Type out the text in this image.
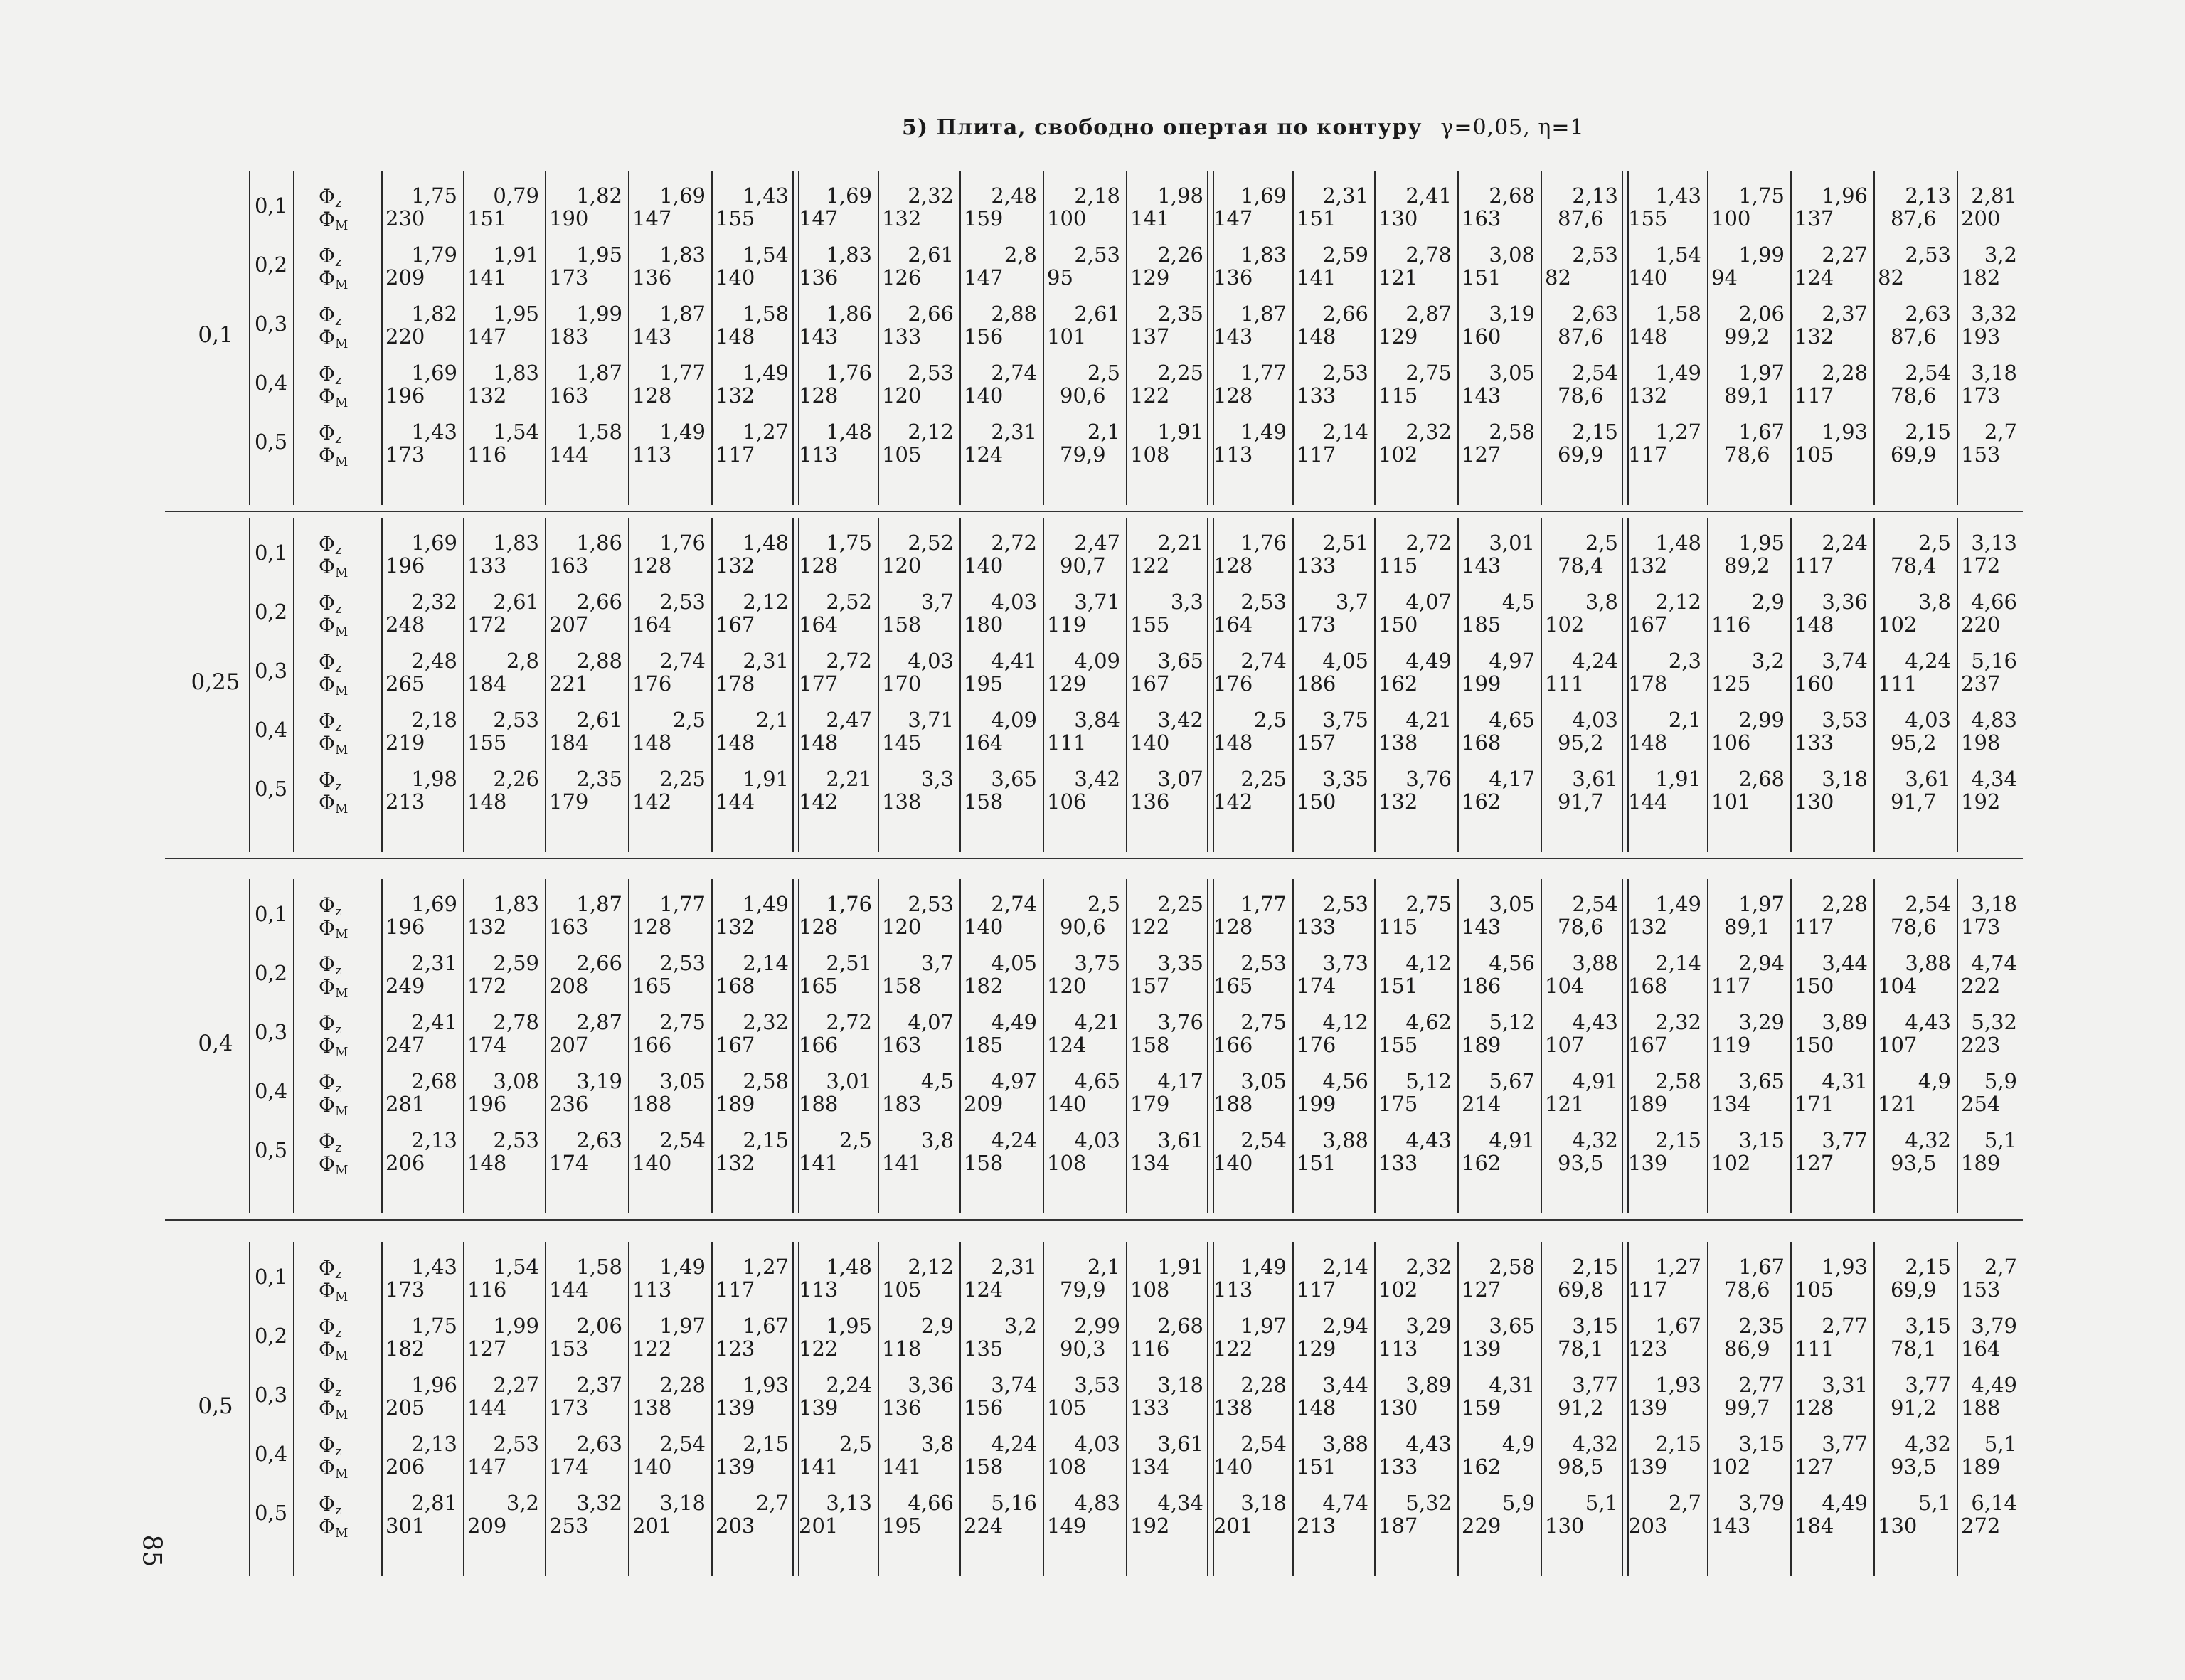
5) Плита, свободно опертая по контуру γ=0,05, η=1
0,1
0,1 $\Phi_z$
$\Phi_M$
1,75
230
0,79
151
1,82
190
1,69
147
1,43
155
1,69
147
2,32
132
2,48
159
2,18
100
1,98
141
1,69
147
2,31
151
2,41
130
2,68
163
2,13
87,6
1,43
155
1,75
100
1,96
137
2,13
87,6
2,81
200
0,2 $\Phi_z$
$\Phi_M$
1,79
209
1,91
141
1,95
173
1,83
136
1,54
140
1,83
136
2,61
126
2,8
147
2,53
95
2,26
129
1,83
136
2,59
141
2,78
121
3,08
151
2,53
82
1,54
140
1,99
94
2,27
124
2,53
82
3,2
182
0,3 $\Phi_z$
$\Phi_M$
1,82
220
1,95
147
1,99
183
1,87
143
1,58
148
1,86
143
2,66
133
2,88
156
2,61
101
2,35
137
1,87
143
2,66
148
2,87
129
3,19
160
2,63
87,6
1,58
148
2,06
99,2
2,37
132
2,63
87,6
3,32
193
0,4 $\Phi_z$
$\Phi_M$
1,69
196
1,83
132
1,87
163
1,77
128
1,49
132
1,76
128
2,53
120
2,74
140
2,5
90,6
2,25
122
1,77
128
2,53
133
2,75
115
3,05
143
2,54
78,6
1,49
132
1,97
89,1
2,28
117
2,54
78,6
3,18
173
0,5 $\Phi_z$
$\Phi_M$
1,43
173
1,54
116
1,58
144
1,49
113
1,27
117
1,48
113
2,12
105
2,31
124
2,1
79,9
1,91
108
1,49
113
2,14
117
2,32
102
2,58
127
2,15
69,9
1,27
117
1,67
78,6
1,93
105
2,15
69,9
2,7
153
0,25
0,1 $\Phi_z$
$\Phi_M$
1,69
196
1,83
133
1,86
163
1,76
128
1,48
132
1,75
128
2,52
120
2,72
140
2,47
90,7
2,21
122
1,76
128
2,51
133
2,72
115
3,01
143
2,5
78,4
1,48
132
1,95
89,2
2,24
117
2,5
78,4
3,13
172
0,2 $\Phi_z$
$\Phi_M$
2,32
248
2,61
172
2,66
207
2,53
164
2,12
167
2,52
164
3,7
158
4,03
180
3,71
119
3,3
155
2,53
164
3,7
173
4,07
150
4,5
185
3,8
102
2,12
167
2,9
116
3,36
148
3,8
102
4,66
220
0,3 $\Phi_z$
$\Phi_M$
2,48
265
2,8
184
2,88
221
2,74
176
2,31
178
2,72
177
4,03
170
4,41
195
4,09
129
3,65
167
2,74
176
4,05
186
4,49
162
4,97
199
4,24
111
2,3
178
3,2
125
3,74
160
4,24
111
5,16
237
0,4 $\Phi_z$
$\Phi_M$
2,18
219
2,53
155
2,61
184
2,5
148
2,1
148
2,47
148
3,71
145
4,09
164
3,84
111
3,42
140
2,5
148
3,75
157
4,21
138
4,65
168
4,03
95,2
2,1
148
2,99
106
3,53
133
4,03
95,2
4,83
198
0,5 $\Phi_z$
$\Phi_M$
1,98
213
2,26
148
2,35
179
2,25
142
1,91
144
2,21
142
3,3
138
3,65
158
3,42
106
3,07
136
2,25
142
3,35
150
3,76
132
4,17
162
3,61
91,7
1,91
144
2,68
101
3,18
130
3,61
91,7
4,34
192
0,4
0,1 $\Phi_z$
$\Phi_M$
1,69
196
1,83
132
1,87
163
1,77
128
1,49
132
1,76
128
2,53
120
2,74
140
2,5
90,6
2,25
122
1,77
128
2,53
133
2,75
115
3,05
143
2,54
78,6
1,49
132
1,97
89,1
2,28
117
2,54
78,6
3,18
173
0,2 $\Phi_z$
$\Phi_M$
2,31
249
2,59
172
2,66
208
2,53
165
2,14
168
2,51
165
3,7
158
4,05
182
3,75
120
3,35
157
2,53
165
3,73
174
4,12
151
4,56
186
3,88
104
2,14
168
2,94
117
3,44
150
3,88
104
4,74
222
0,3 $\Phi_z$
$\Phi_M$
2,41
247
2,78
174
2,87
207
2,75
166
2,32
167
2,72
166
4,07
163
4,49
185
4,21
124
3,76
158
2,75
166
4,12
176
4,62
155
5,12
189
4,43
107
2,32
167
3,29
119
3,89
150
4,43
107
5,32
223
0,4 $\Phi_z$
$\Phi_M$
2,68
281
3,08
196
3,19
236
3,05
188
2,58
189
3,01
188
4,5
183
4,97
209
4,65
140
4,17
179
3,05
188
4,56
199
5,12
175
5,67
214
4,91
121
2,58
189
3,65
134
4,31
171
4,9
121
5,9
254
0,5 $\Phi_z$
$\Phi_M$
2,13
206
2,53
148
2,63
174
2,54
140
2,15
132
2,5
141
3,8
141
4,24
158
4,03
108
3,61
134
2,54
140
3,88
151
4,43
133
4,91
162
4,32
93,5
2,15
139
3,15
102
3,77
127
4,32
93,5
5,1
189
0,5
0,1 $\Phi_z$
$\Phi_M$
1,43
173
1,54
116
1,58
144
1,49
113
1,27
117
1,48
113
2,12
105
2,31
124
2,1
79,9
1,91
108
1,49
113
2,14
117
2,32
102
2,58
127
2,15
69,8
1,27
117
1,67
78,6
1,93
105
2,15
69,9
2,7
153
0,2 $\Phi_z$
$\Phi_M$
1,75
182
1,99
127
2,06
153
1,97
122
1,67
123
1,95
122
2,9
118
3,2
135
2,99
90,3
2,68
116
1,97
122
2,94
129
3,29
113
3,65
139
3,15
78,1
1,67
123
2,35
86,9
2,77
111
3,15
78,1
3,79
164
0,3 $\Phi_z$
$\Phi_M$
1,96
205
2,27
144
2,37
173
2,28
138
1,93
139
2,24
139
3,36
136
3,74
156
3,53
105
3,18
133
2,28
138
3,44
148
3,89
130
4,31
159
3,77
91,2
1,93
139
2,77
99,7
3,31
128
3,77
91,2
4,49
188
0,4 $\Phi_z$
$\Phi_M$
2,13
206
2,53
147
2,63
174
2,54
140
2,15
139
2,5
141
3,8
141
4,24
158
4,03
108
3,61
134
2,54
140
3,88
151
4,43
133
4,9
162
4,32
98,5
2,15
139
3,15
102
3,77
127
4,32
93,5
5,1
189
0,5 $\Phi_z$
$\Phi_M$
2,81
301
3,2
209
3,32
253
3,18
201
2,7
203
3,13
201
4,66
195
5,16
224
4,83
149
4,34
192
3,18
201
4,74
213
5,32
187
5,9
229
5,1
130
2,7
203
3,79
143
4,49
184
5,1
130
6,14
272
85
